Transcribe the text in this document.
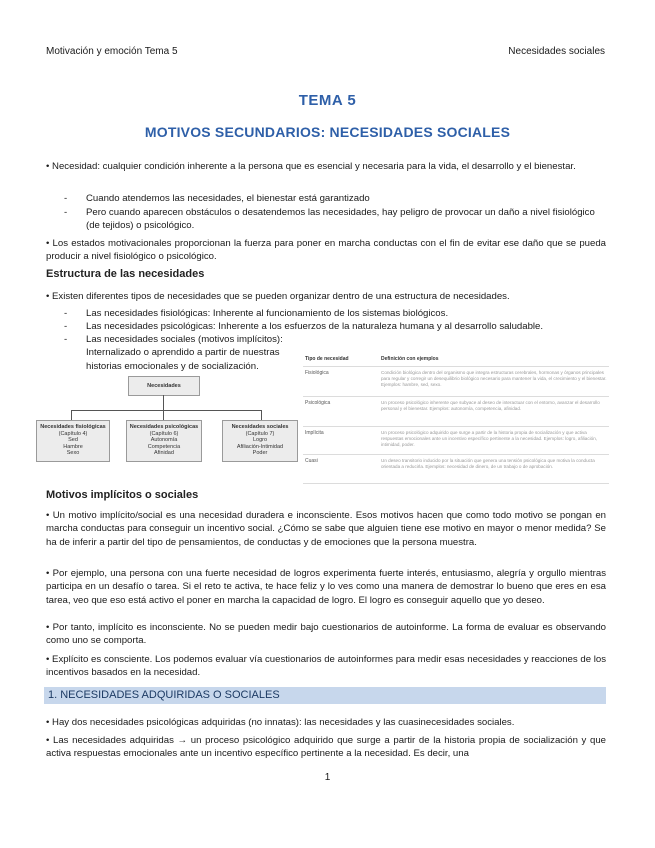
Motivación y emoción Tema 5	Necesidades sociales
TEMA 5
MOTIVOS SECUNDARIOS: NECESIDADES SOCIALES
• Necesidad: cualquier condición inherente a la persona que es esencial y necesaria para la vida, el desarrollo y el bienestar.
-	Cuando atendemos las necesidades, el bienestar está garantizado
-	Pero cuando aparecen obstáculos o desatendemos las necesidades, hay peligro de provocar un daño a nivel fisiológico (de tejidos) o psicológico.
• Los estados motivacionales proporcionan la fuerza para poner en marcha conductas con el fin de evitar ese daño que se pueda producir a nivel fisiológico o psicológico.
Estructura de las necesidades
• Existen diferentes tipos de necesidades que se pueden organizar dentro de una estructura de necesidades.
-	Las necesidades fisiológicas: Inherente al funcionamiento de los sistemas biológicos.
-	Las necesidades psicológicas: Inherente a los esfuerzos de la naturaleza humana y al desarrollo saludable.
-	Las necesidades sociales (motivos implícitos): Internalizado o aprendido a partir de nuestras historias emocionales y de socialización.
Necesidades
Necesidades fisiológicas
(Capítulo 4)
Sed
Hambre
Sexo
Necesidades psicológicas
(Capítulo 6)
Autonomía
Competencia
Afinidad
Necesidades sociales
(Capítulo 7)
Logro
Afiliación-Intimidad
Poder
Tipo de necesidad	Definición con ejemplos
Fisiológica	Condición biológica dentro del organismo que integra estructuras cerebrales, hormonas y órganos principales para regular y corregir un desequilibrio biológico necesario para mantener la vida, el crecimiento y el bienestar. Ejemplos: hambre, sed, sexo.
Psicológica	Un proceso psicológico inherente que subyace al deseo de interactuar con el entorno, avanzar el desarrollo personal y el bienestar. Ejemplos: autonomía, competencia, afinidad.
Implícita	Un proceso psicológico adquirido que surge a partir de la historia propia de socialización y que activa respuestas emocionales ante un incentivo específico pertinente a la necesidad. Ejemplos: logro, afiliación, intimidad, poder.
Cuasi	Un deseo transitorio inducido por la situación que genera una tensión psicológica que motiva la conducta orientada a reducirla. Ejemplos: necesidad de dinero, de un trabajo o de aprobación.
Motivos implícitos o sociales
• Un motivo implícito/social es una necesidad duradera e inconsciente. Esos motivos hacen que como todo motivo se pongan en marcha conductas para conseguir un incentivo social. ¿Cómo se sabe que alguien tiene ese motivo en mayor o menor medida? Se ha de inferir a partir del tipo de pensamientos, de conductas y de emociones que la persona muestra.
• Por ejemplo, una persona con una fuerte necesidad de logros experimenta fuerte interés, entusiasmo, alegría y orgullo mientras participa en un desafío o tarea. Si el reto te activa, te hace feliz y lo ves como una manera de demostrar lo bueno que eres en esa tarea, veo que eso está activo el poner en marcha la capacidad de logro. El logro es conseguir aquello que yo deseo.
• Por tanto, implícito es inconsciente. No se pueden medir bajo cuestionarios de autoinforme. La forma de evaluar es observando como uno se comporta.
• Explícito es consciente. Los podemos evaluar vía cuestionarios de autoinformes para medir esas necesidades y reacciones de los incentivos basados en la necesidad.
1. NECESIDADES ADQUIRIDAS O SOCIALES
• Hay dos necesidades psicológicas adquiridas (no innatas): las necesidades y las cuasinecesidades sociales.
• Las necesidades adquiridas → un proceso psicológico adquirido que surge a partir de la historia propia de socialización y que activa respuestas emocionales ante un incentivo específico pertinente a la necesidad. Es decir, una
1
